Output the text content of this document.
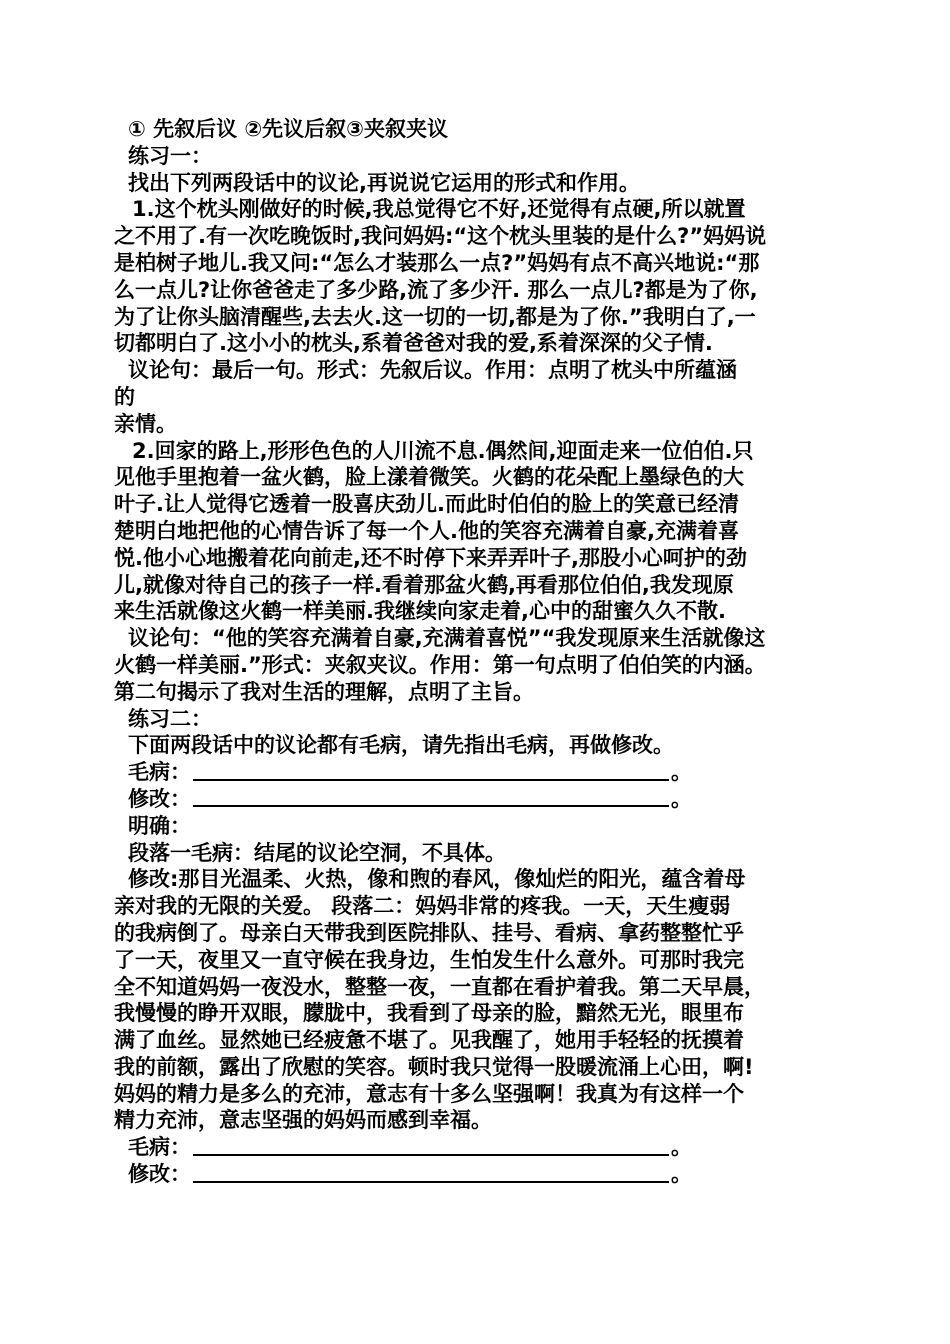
① 先叙后议 ②先议后叙③夹叙夹议
练习一：
找出下列两段话中的议论,再说说它运用的形式和作用。
1.这个枕头刚做好的时候,我总觉得它不好,还觉得有点硬,所以就置
之不用了.有一次吃晚饭时,我问妈妈:“这个枕头里装的是什么?”妈妈说
是柏树子地儿.我又问:“怎么才装那么一点?”妈妈有点不高兴地说:“那
么一点儿?让你爸爸走了多少路,流了多少汗. 那么一点儿?都是为了你,
为了让你头脑清醒些,去去火.这一切的一切,都是为了你.”我明白了,一
切都明白了.这小小的枕头,系着爸爸对我的爱,系着深深的父子情.
议论句：最后一句。形式：先叙后议。作用：点明了枕头中所蕴涵
的
亲情。
2.回家的路上,形形色色的人川流不息.偶然间,迎面走来一位伯伯.只
见他手里抱着一盆火鹤，脸上漾着微笑。火鹤的花朵配上墨绿色的大
叶子.让人觉得它透着一股喜庆劲儿.而此时伯伯的脸上的笑意已经清
楚明白地把他的心情告诉了每一个人.他的笑容充满着自豪,充满着喜
悦.他小心地搬着花向前走,还不时停下来弄弄叶子,那股小心呵护的劲
儿,就像对待自己的孩子一样.看着那盆火鹤,再看那位伯伯,我发现原
来生活就像这火鹤一样美丽.我继续向家走着,心中的甜蜜久久不散.
议论句：“他的笑容充满着自豪,充满着喜悦”“我发现原来生活就像这
火鹤一样美丽.”形式：夹叙夹议。作用：第一句点明了伯伯笑的内涵。
第二句揭示了我对生活的理解，点明了主旨。
练习二：
下面两段话中的议论都有毛病，请先指出毛病，再做修改。
毛病：	。
修改：	。
明确：
段落一毛病：结尾的议论空洞，不具体。
修改:那目光温柔、火热，像和煦的春风，像灿烂的阳光，蕴含着母
亲对我的无限的关爱。 段落二：妈妈非常的疼我。一天，天生瘦弱
的我病倒了。母亲白天带我到医院排队、挂号、看病、拿药整整忙乎
了一天，夜里又一直守候在我身边，生怕发生什么意外。可那时我完
全不知道妈妈一夜没水，整整一夜，一直都在看护着我。第二天早晨，
我慢慢的睁开双眼，朦胧中，我看到了母亲的脸，黯然无光，眼里布
满了血丝。显然她已经疲惫不堪了。见我醒了，她用手轻轻的抚摸着
我的前额，露出了欣慰的笑容。顿时我只觉得一股暖流涌上心田，啊!
妈妈的精力是多么的充沛，意志有十多么坚强啊！我真为有这样一个
精力充沛，意志坚强的妈妈而感到幸福。
毛病：	。
修改：	。
